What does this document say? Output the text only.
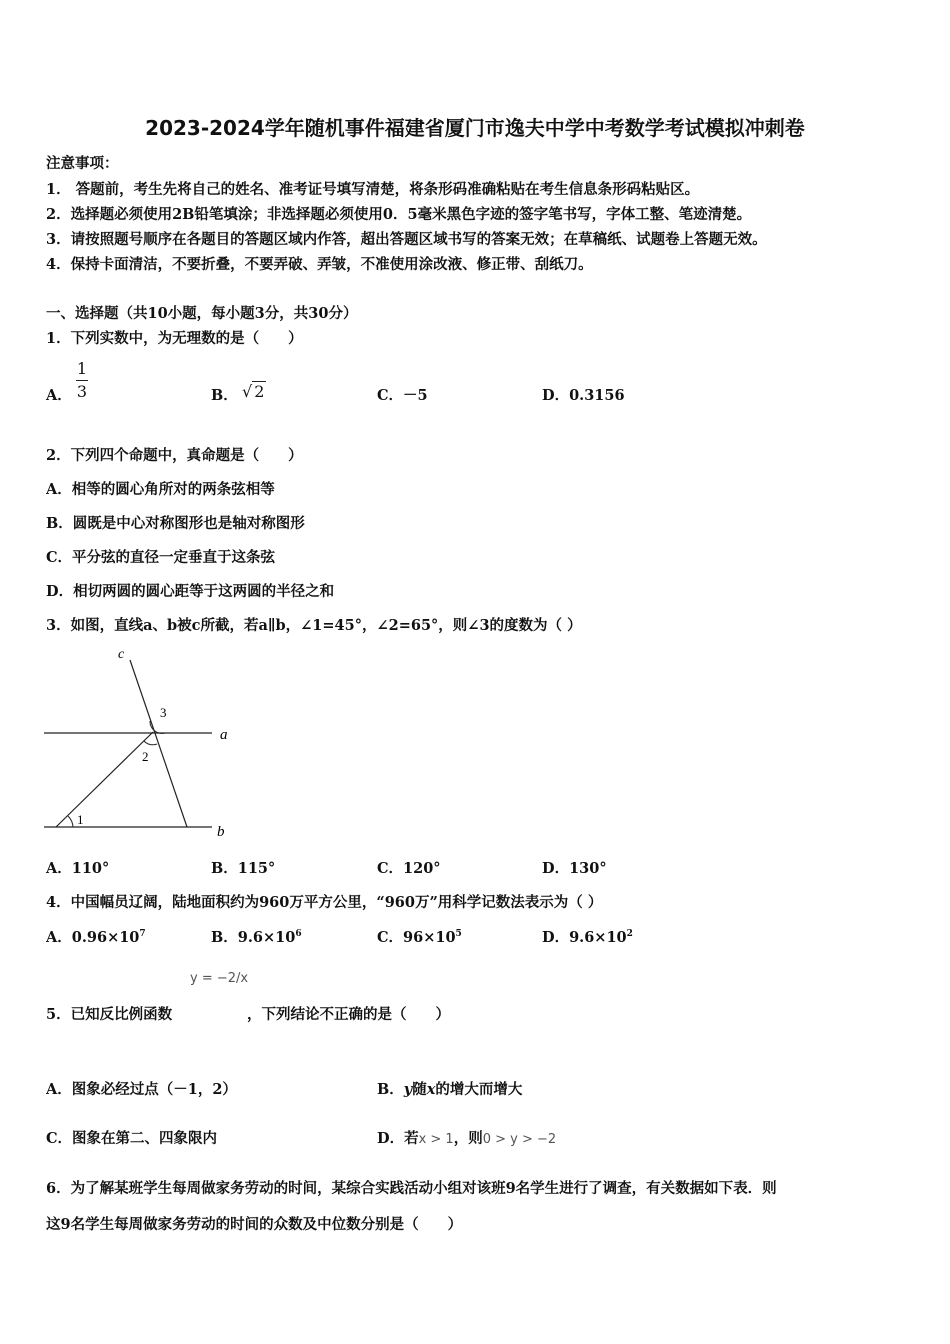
2023-2024学年随机事件福建省厦门市逸夫中学中考数学考试模拟冲刺卷
注意事项：
1． 答题前，考生先将自己的姓名、准考证号填写清楚，将条形码准确粘贴在考生信息条形码粘贴区。
2．选择题必须使用2B铅笔填涂；非选择题必须使用0．5毫米黑色字迹的签字笔书写，字体工整、笔迹清楚。
3．请按照题号顺序在各题目的答题区域内作答，超出答题区域书写的答案无效；在草稿纸、试题卷上答题无效。
4．保持卡面清洁，不要折叠，不要弄破、弄皱，不准使用涂改液、修正带、刮纸刀。
一、选择题（共10小题，每小题3分，共30分）
1．下列实数中，为无理数的是（　　）
A． $\frac{1}{3}$	B． √ 2	C．－5	D．0.3156
2．下列四个命题中，真命题是（　　）
A．相等的圆心角所对的两条弦相等
B．圆既是中心对称图形也是轴对称图形
C．平分弦的直径一定垂直于这条弦
D．相切两圆的圆心距等于这两圆的半径之和
3．如图，直线a、b被c所截，若a∥b，∠1=45°，∠2=65°，则∠3的度数为（ ）
c
a
b
1
2
3
A．110°	B．115°	C．120°	D．130°
4．中国幅员辽阔，陆地面积约为960万平方公里，“960万”用科学记数法表示为（ ）
A．$0.96\times 10^7$	B．$9.6\times 10^6$	C．$96\times 10^5$	D．$9.6\times 10^2$
y = −2/x
5．已知反比例函数	，下列结论不正确的是（　　）
A．图象必经过点（－1，2）	B．y随x的增大而增大
C．图象在第二、四象限内	D．若x > 1，则0 > y > −2
6．为了解某班学生每周做家务劳动的时间，某综合实践活动小组对该班9名学生进行了调查，有关数据如下表．则
这9名学生每周做家务劳动的时间的众数及中位数分别是（　　）
